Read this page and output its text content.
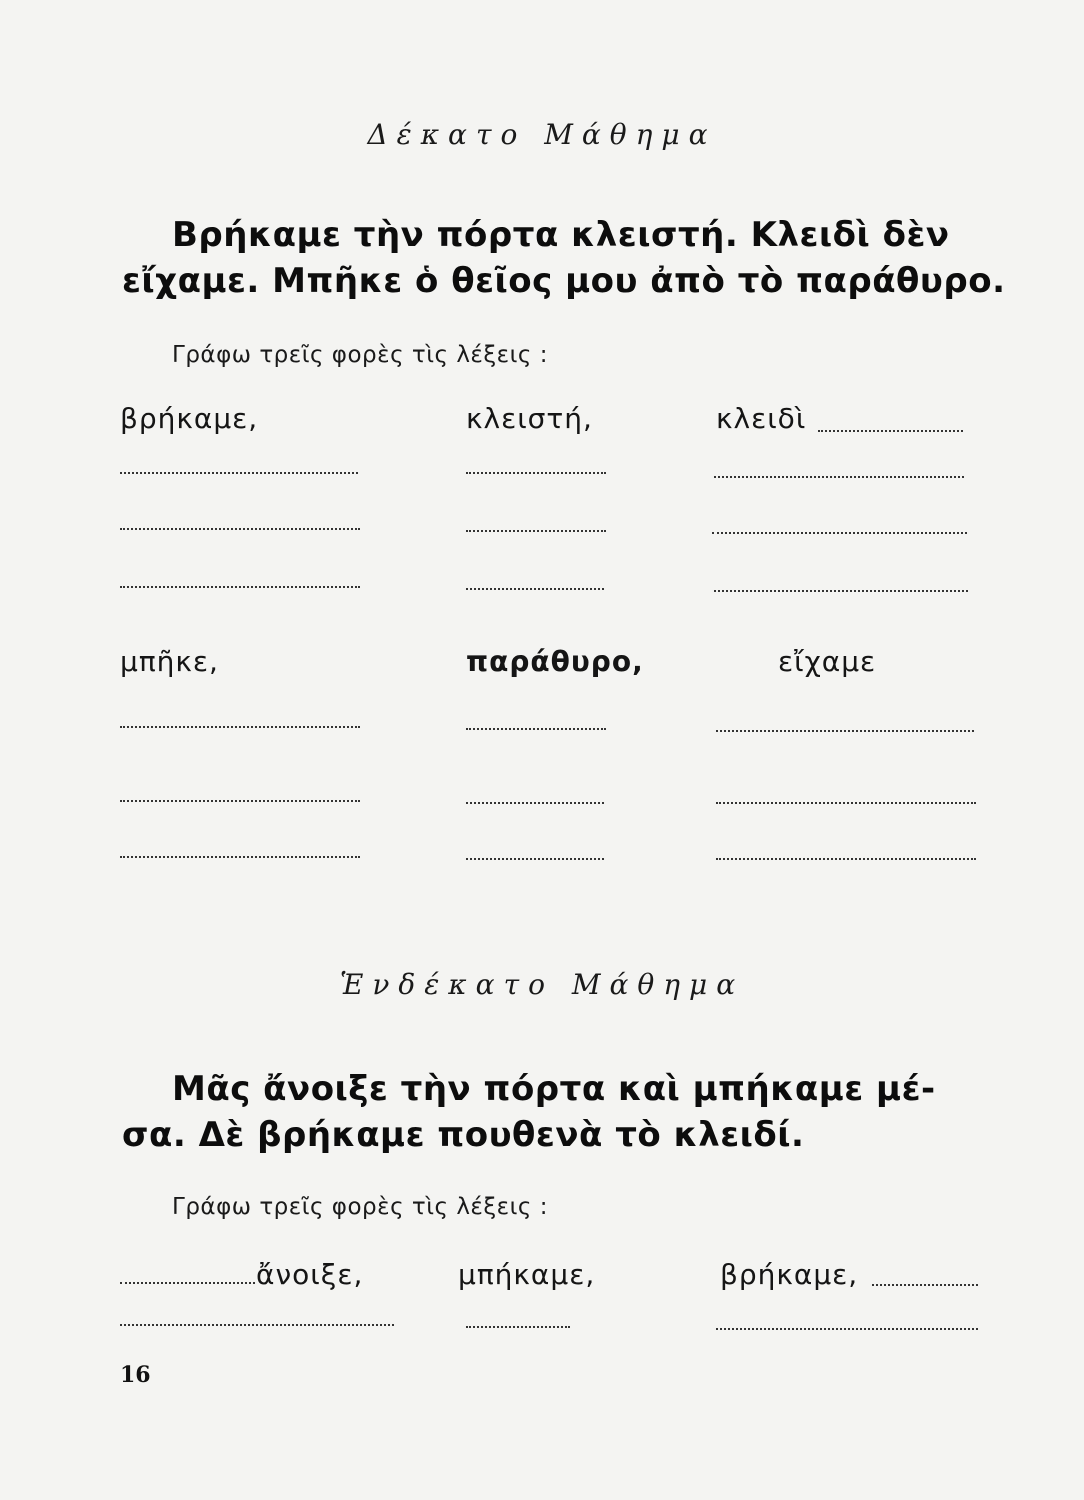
Δέκατο Μάθημα

Βρήκαμε τὴν πόρτα κλειστή. Κλειδὶ δὲν

εἴχαμε. Μπῆκε ὁ θεῖος μου ἀπὸ τὸ παράθυρο.

Γράφω τρεῖς φορὲς τὶς λέξεις :
βρήκαμε,	κλειστή,	κλειδὶ
μπῆκε,	παράθυρο,	εἴχαμε
Ἑνδέκατο Μάθημα

Μᾶς ἄνοιξε τὴν πόρτα καὶ μπήκαμε μέ-

σα. Δὲ βρήκαμε πουθενὰ τὸ κλειδί.

Γράφω τρεῖς φορὲς τὶς λέξεις :
ἄνοιξε,	μπήκαμε,	βρήκαμε,
16
